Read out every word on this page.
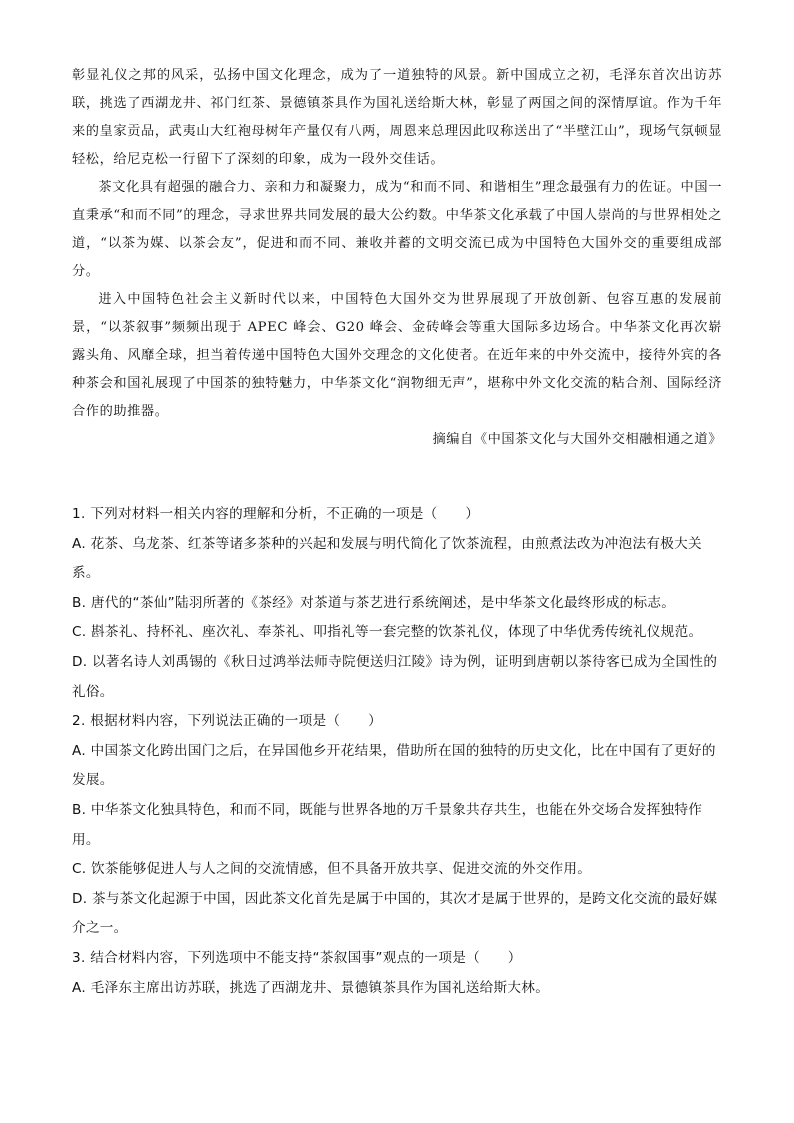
彰显礼仪之邦的风采，弘扬中国文化理念，成为了一道独特的风景。新中国成立之初，毛泽东首次出访苏联，挑选了西湖龙井、祁门红茶、景德镇茶具作为国礼送给斯大林，彰显了两国之间的深情厚谊。作为千年来的皇家贡品，武夷山大红袍母树年产量仅有八两，周恩来总理因此叹称送出了“半壁江山”，现场气氛顿显轻松，给尼克松一行留下了深刻的印象，成为一段外交佳话。

茶文化具有超强的融合力、亲和力和凝聚力，成为“和而不同、和谐相生”理念最强有力的佐证。中国一直秉承“和而不同”的理念，寻求世界共同发展的最大公约数。中华茶文化承载了中国人崇尚的与世界相处之道，“以茶为媒、以茶会友”，促进和而不同、兼收并蓄的文明交流已成为中国特色大国外交的重要组成部分。

进入中国特色社会主义新时代以来，中国特色大国外交为世界展现了开放创新、包容互惠的发展前景，“以茶叙事”频频出现于 APEC 峰会、G20 峰会、金砖峰会等重大国际多边场合。中华茶文化再次崭露头角、风靡全球，担当着传递中国特色大国外交理念的文化使者。在近年来的中外交流中，接待外宾的各种茶会和国礼展现了中国茶的独特魅力，中华茶文化“润物细无声”，堪称中外文化交流的粘合剂、国际经济合作的助推器。

摘编自《中国茶文化与大国外交相融相通之道》

1. 下列对材料一相关内容的理解和分析，不正确的一项是（　　）

A. 花茶、乌龙茶、红茶等诸多茶种的兴起和发展与明代简化了饮茶流程，由煎煮法改为冲泡法有极大关系。

B. 唐代的“茶仙”陆羽所著的《茶经》对茶道与茶艺进行系统阐述，是中华茶文化最终形成的标志。

C. 斟茶礼、持杯礼、座次礼、奉茶礼、叩指礼等一套完整的饮茶礼仪，体现了中华优秀传统礼仪规范。

D. 以著名诗人刘禹锡的《秋日过鸿举法师寺院便送归江陵》诗为例，证明到唐朝以茶待客已成为全国性的礼俗。

2. 根据材料内容，下列说法正确的一项是（　　）

A. 中国茶文化跨出国门之后，在异国他乡开花结果，借助所在国的独特的历史文化，比在中国有了更好的发展。

B. 中华茶文化独具特色，和而不同，既能与世界各地的万千景象共存共生，也能在外交场合发挥独特作用。

C. 饮茶能够促进人与人之间的交流情感，但不具备开放共享、促进交流的外交作用。

D. 茶与茶文化起源于中国，因此茶文化首先是属于中国的，其次才是属于世界的，是跨文化交流的最好媒介之一。

3. 结合材料内容，下列选项中不能支持“茶叙国事”观点的一项是（　　）

A. 毛泽东主席出访苏联，挑选了西湖龙井、景德镇茶具作为国礼送给斯大林。
